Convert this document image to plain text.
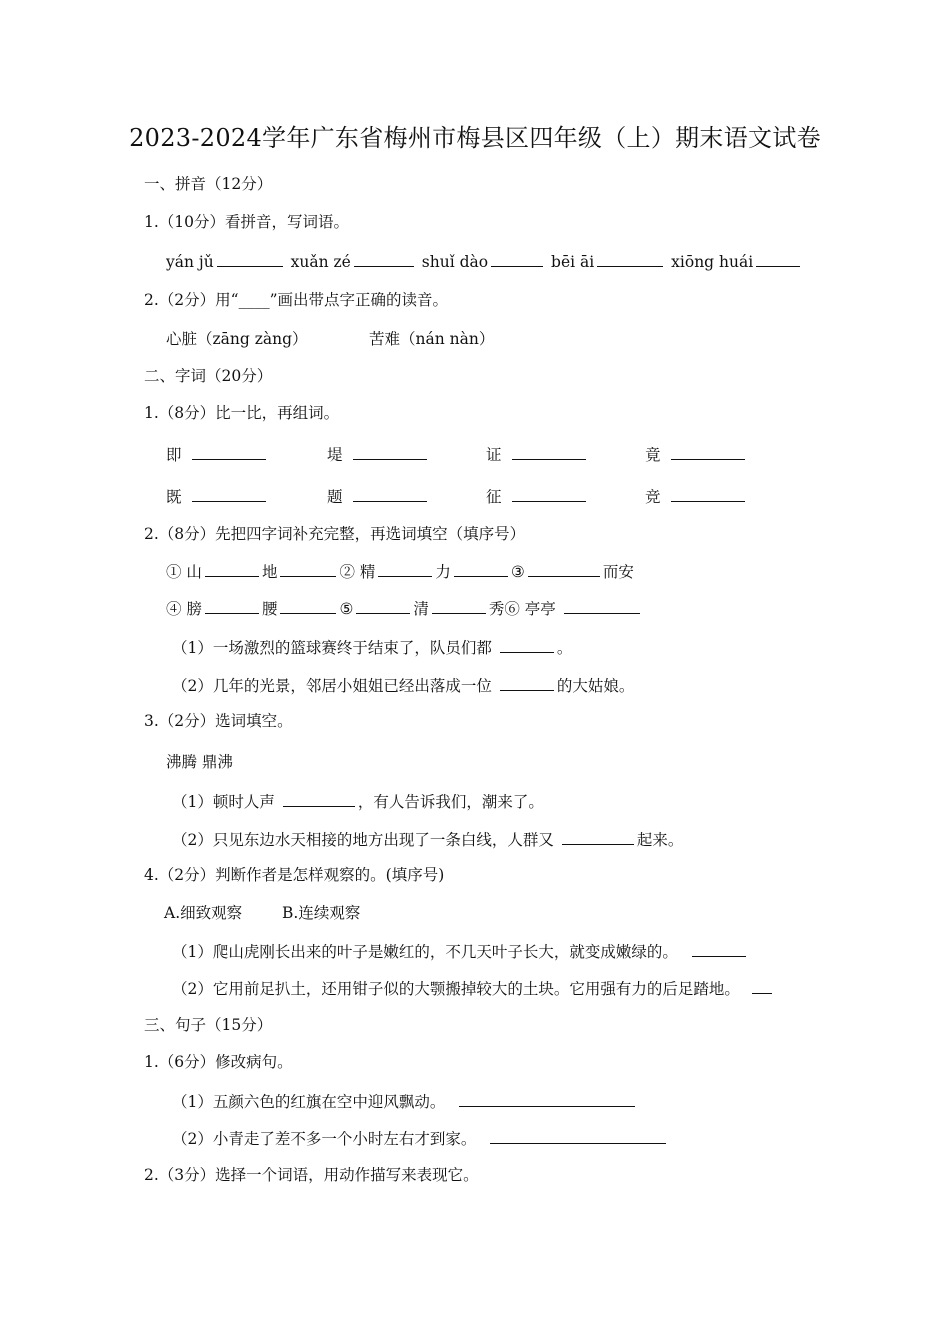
2023-2024学年广东省梅州市梅县区四年级（上）期末语文试卷
一、拼音（12分）
1.（10分）看拼音，写词语。
yán jǔ	xuǎn zé	shuǐ dào	bēi āi	xiōng huái
2.（2分）用“____”画出带点字正确的读音。
心脏（zāng zàng）	苦难（nán nàn）
二、字词（20分）
1.（8分）比一比，再组词。
即	堤	证	竟
既	题	征	竞
2.（8分）先把四字词补充完整，再选词填空（填序号）
① 山	地	② 精	力	③	而安
④ 膀	腰	⑤	清	秀⑥ 亭亭
（1）一场激烈的篮球赛终于结束了，队员们都	。
（2）几年的光景，邻居小姐姐已经出落成一位	的大姑娘。
3.（2分）选词填空。
沸腾 鼎沸
（1）顿时人声	，有人告诉我们，潮来了。
（2）只见东边水天相接的地方出现了一条白线，人群又	起来。
4.（2分）判断作者是怎样观察的。(填序号)
A.细致观察	B.连续观察
（1）爬山虎刚长出来的叶子是嫩红的，不几天叶子长大，就变成嫩绿的。
（2）它用前足扒土，还用钳子似的大颚搬掉较大的土块。它用强有力的后足踏地。
三、句子（15分）
1.（6分）修改病句。
（1）五颜六色的红旗在空中迎风飘动。
（2）小青走了差不多一个小时左右才到家。
2.（3分）选择一个词语，用动作描写来表现它。
